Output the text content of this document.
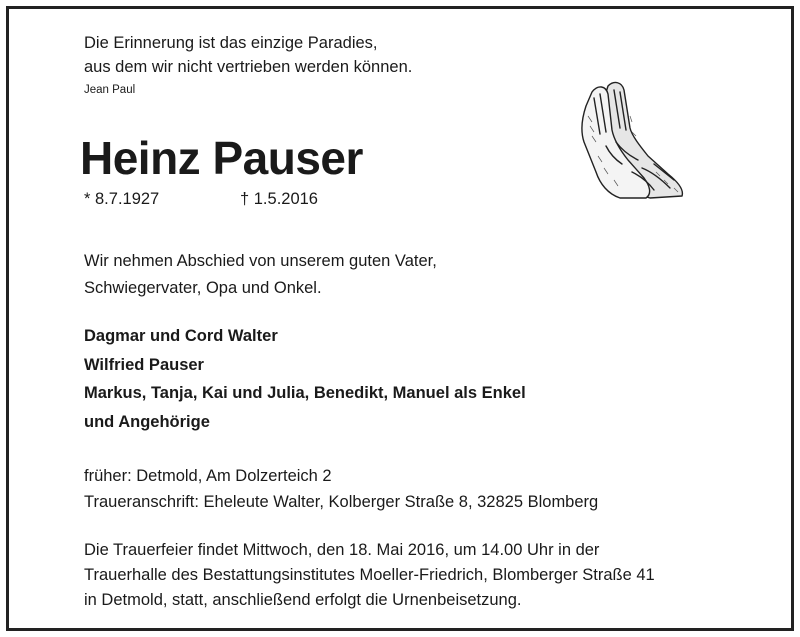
Die Erinnerung ist das einzige Paradies,
aus dem wir nicht vertrieben werden können.
Jean Paul
Heinz Pauser
* 8.7.1927	† 1.5.2016
Wir nehmen Abschied von unserem guten Vater,
Schwiegervater, Opa und Onkel.
Dagmar und Cord Walter
Wilfried Pauser
Markus, Tanja, Kai und Julia, Benedikt, Manuel als Enkel
und Angehörige
früher: Detmold, Am Dolzerteich 2
Traueranschrift: Eheleute Walter, Kolberger Straße 8, 32825 Blomberg
Die Trauerfeier findet Mittwoch, den 18. Mai 2016, um 14.00 Uhr in der
Trauerhalle des Bestattungsinstitutes Moeller-Friedrich, Blomberger Straße 41
in Detmold, statt, anschließend erfolgt die Urnenbeisetzung.
